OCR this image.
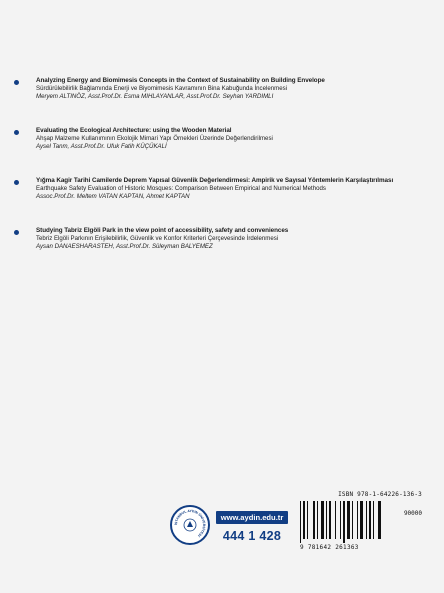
Analyzing Energy and Biomimesis Concepts in the Context of Sustainability on Building Envelope
Sürdürülebilirlik Bağlamında Enerji ve Biyomimesis Kavramının Bina Kabuğunda İncelenmesi
Meryem ALTINÖZ, Asst.Prof.Dr. Esma MIHLAYANLAR, Asst.Prof.Dr. Seyhan YARDIMLI
Evaluating the Ecological Architecture: using the Wooden Material
Ahşap Malzeme Kullanımının Ekolojik Mimari Yapı Örnekleri Üzerinde Değerlendirilmesi
Aysel Tanm, Asst.Prof.Dr. Ufuk Fatih KÜÇÜKALİ
Yığma Kagir Tarihi Camilerde Deprem Yapısal Güvenlik Değerlendirmesi: Ampirik ve Sayısal Yöntemlerin Karşılaştırılması
Earthquake Safety Evaluation of Historic Mosques: Comparison Between Empirical and Numerical Methods
Assoc.Prof.Dr. Meltem VATAN KAPTAN, Ahmet KAPTAN
Studying Tabriz Elgöli Park in the view point of accessibility, safety and conveniences
Tebriz Elgöli Parkının Erişilebilirlik, Güvenlik ve Konfor Kriterleri Çerçevesinde İrdelenmesi
Aysan DANAESHARASTEH, Asst.Prof.Dr. Süleyman BALYEMEZ
İSTANBUL AYDIN ÜNİVERSİTESİ
www.aydin.edu.tr
444 1 428
ISBN 978-1-64226-136-3
90000
9 781642 261363
